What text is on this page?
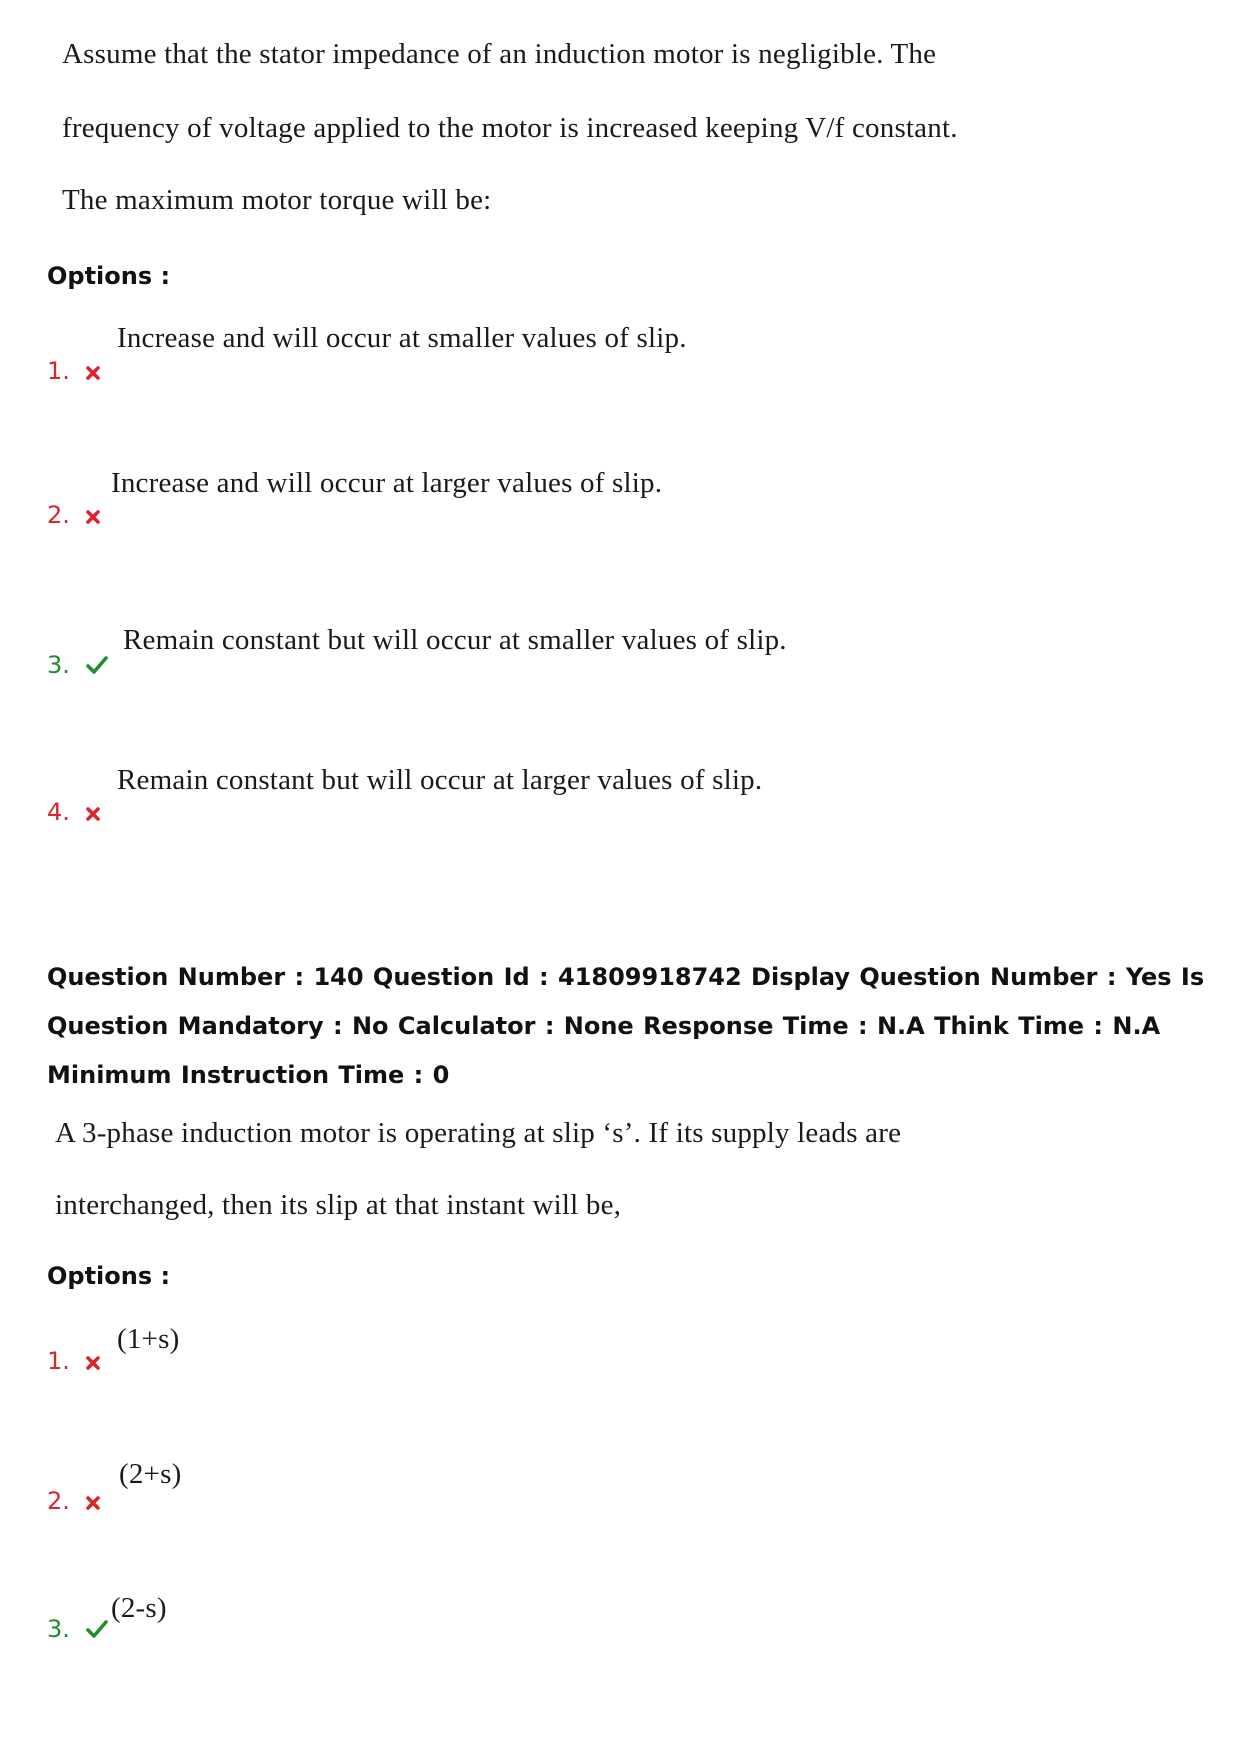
Assume that the stator impedance of an induction motor is negligible. The
frequency of voltage applied to the motor is increased keeping V/f constant.
The maximum motor torque will be:
Options :
1.
Increase and will occur at smaller values of slip.
2.
Increase and will occur at larger values of slip.
3.
Remain constant but will occur at smaller values of slip.
4.
Remain constant but will occur at larger values of slip.
Question Number : 140 Question Id : 41809918742 Display Question Number : Yes Is Question Mandatory : No Calculator : None Response Time : N.A Think Time : N.A Minimum Instruction Time : 0
A 3-phase induction motor is operating at slip ‘s’. If its supply leads are
interchanged, then its slip at that instant will be,
Options :
1.
(1+s)
2.
(2+s)
3.
(2-s)
